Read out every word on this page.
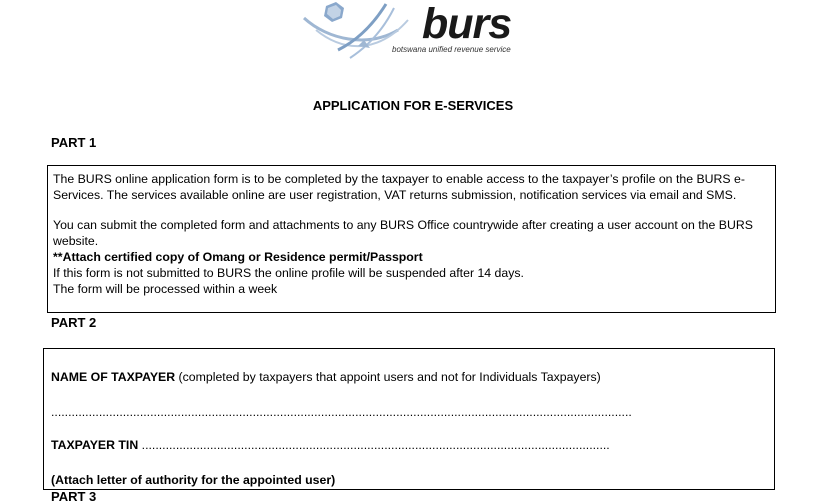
burs
botswana unified revenue service
APPLICATION FOR E-SERVICES
PART 1

The BURS online application form is to be completed by the taxpayer to enable access to the taxpayer’s profile on the BURS e-Services. The services available online are user registration, VAT returns submission, notification services via email and SMS.

You can submit the completed form and attachments to any BURS Office countrywide after creating a user account on the BURS website.

**Attach certified copy of Omang or Residence permit/Passport

If this form is not submitted to BURS the online profile will be suspended after 14 days.

The form will be processed within a week

PART 2
NAME OF TAXPAYER (completed by taxpayers that appoint users and not for Individuals Taxpayers)
..........................................................................................................................................................................
TAXPAYER TIN .........................................................................................................................................
(Attach letter of authority for the appointed user)
PART 3
